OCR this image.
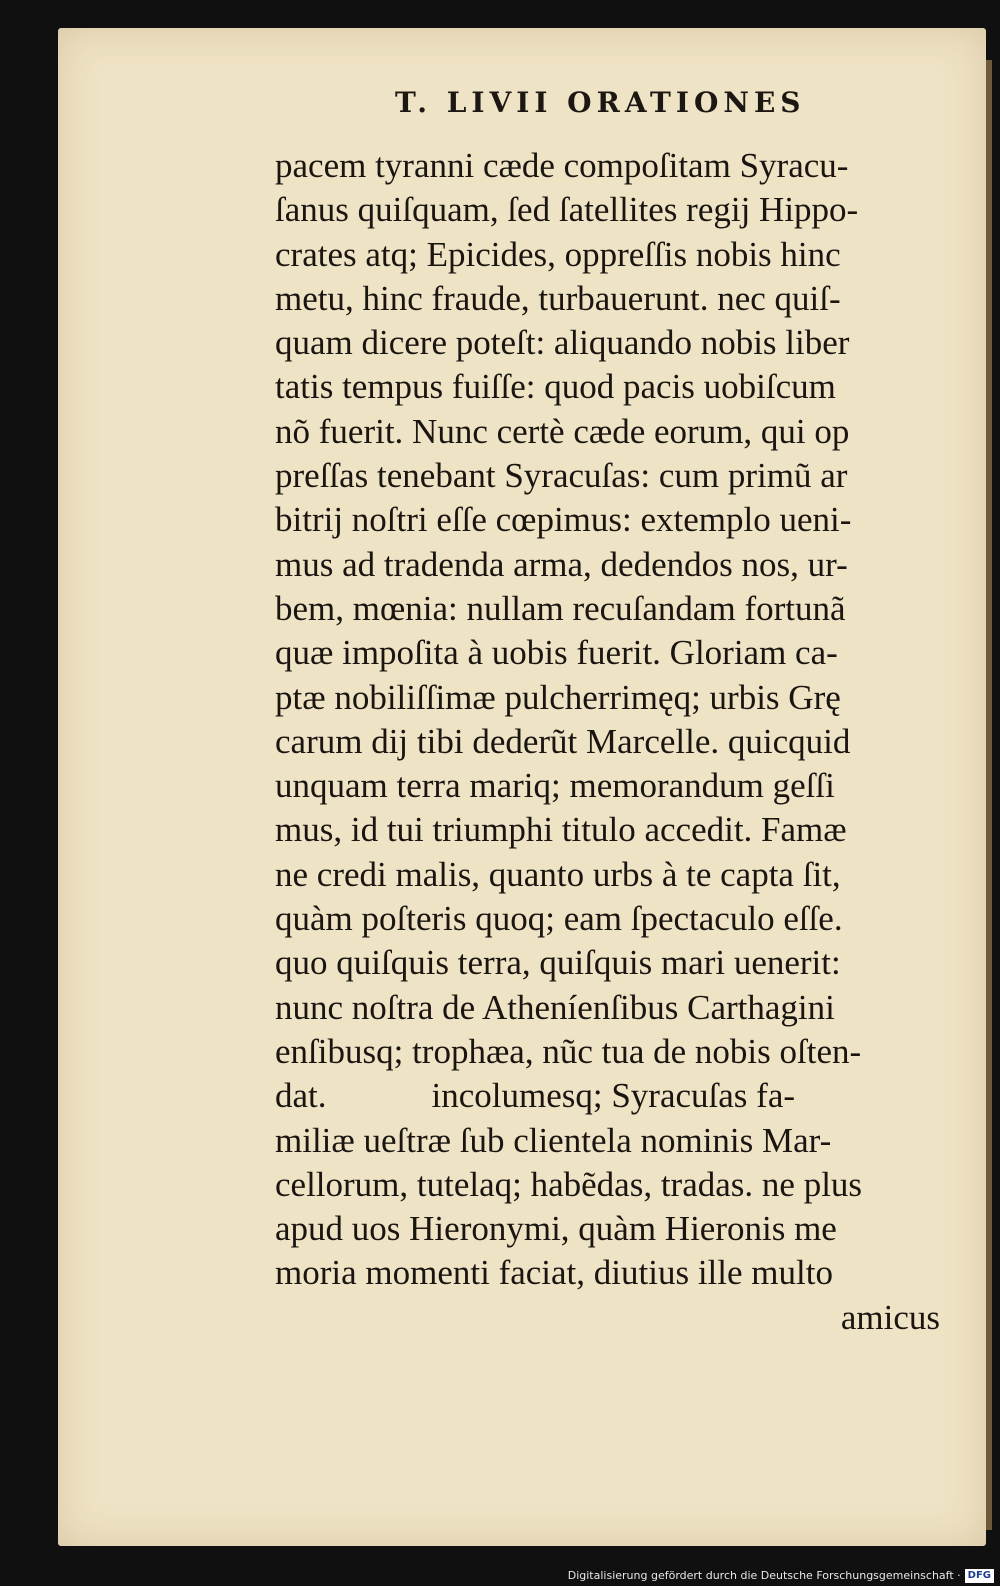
T. LIVII ORATIONES
pacem tyranni cæde compoſitam Syracu-
ſanus quiſquam, ſed ſatellites regij Hippo-
crates atq; Epicides, oppreſſis nobis hinc
metu, hinc fraude, turbauerunt. nec quiſ-
quam dicere poteſt: aliquando nobis liber
tatis tempus fuiſſe: quod pacis uobiſcum
nõ fuerit. Nunc certè cæde eorum, qui op
preſſas tenebant Syracuſas: cum primũ ar
bitrij noſtri eſſe cœpimus: extemplo ueni-
mus ad tradenda arma, dedendos nos, ur-
bem, mœnia: nullam recuſandam fortunã
quæ impoſita à uobis fuerit. Gloriam ca-
ptæ nobiliſſimæ pulcherrimęq; urbis Grę
carum dij tibi dederũt Marcelle. quicquid
unquam terra mariq; memorandum geſſi
mus, id tui triumphi titulo accedit. Famæ
ne credi malis, quanto urbs à te capta ſit,
quàm poſteris quoq; eam ſpectaculo eſſe.
quo quiſquis terra, quiſquis mari uenerit:
nunc noſtra de Atheníenſibus Carthagini
enſibusq; trophæa, nũc tua de nobis oſten-
dat.            incolumesq; Syracuſas fa-
miliæ ueſtræ ſub clientela nominis Mar-
cellorum, tutelaq; habẽdas, tradas. ne plus
apud uos Hieronymi, quàm Hieronis me
moria momenti faciat, diutius ille multo
amicus
Digitalisierung gefördert durch die Deutsche Forschungsgemeinschaft · DFG
